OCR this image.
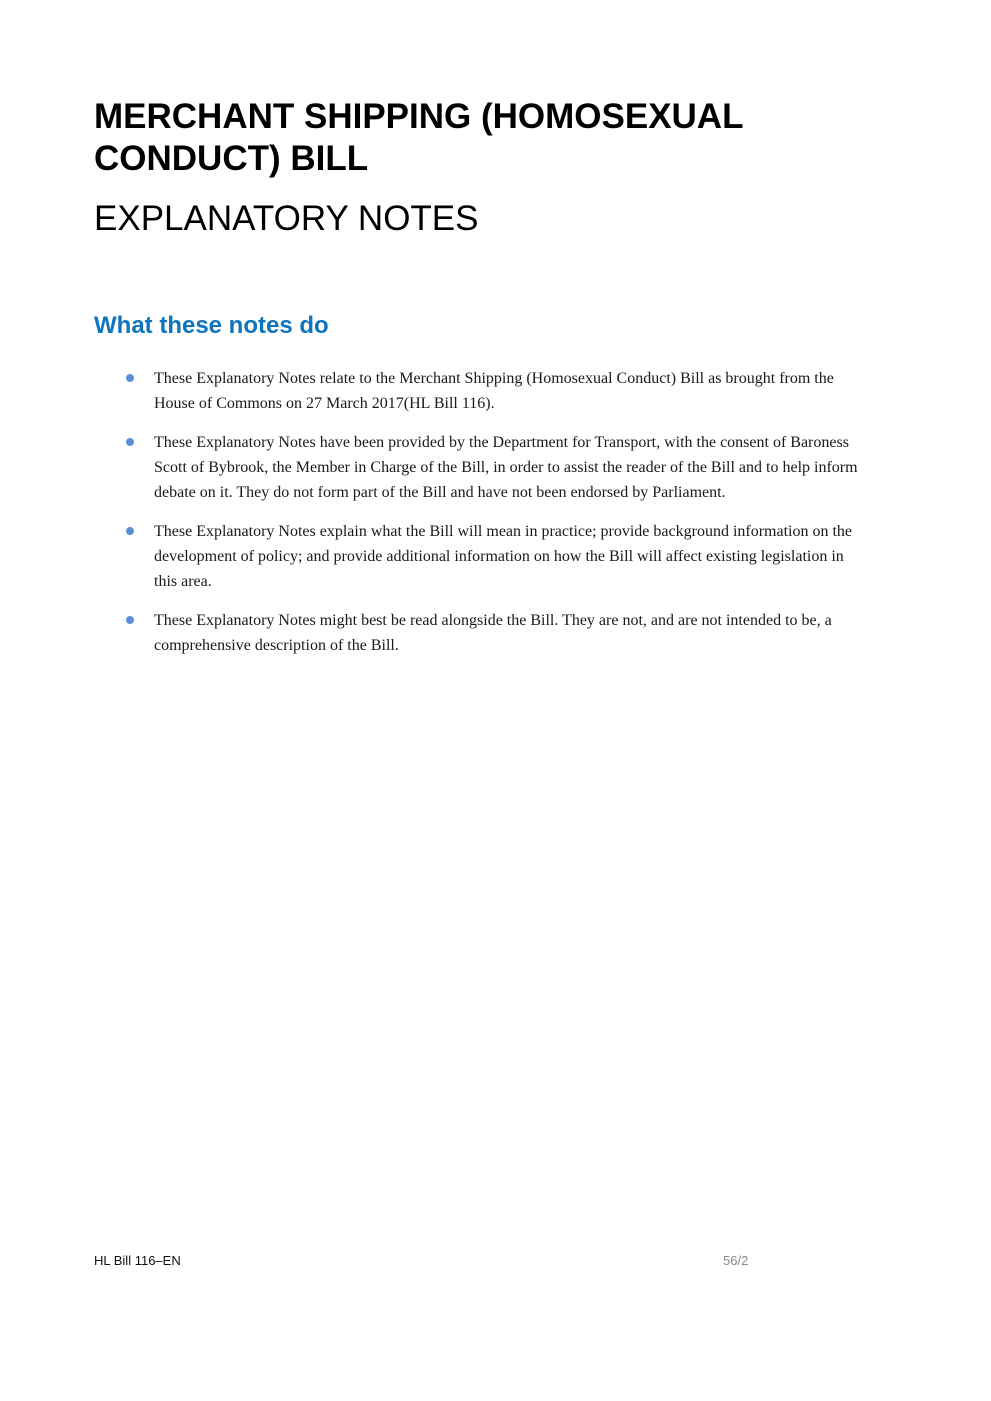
MERCHANT SHIPPING (HOMOSEXUAL CONDUCT) BILL
EXPLANATORY NOTES
What these notes do
These Explanatory Notes relate to the Merchant Shipping (Homosexual Conduct) Bill as brought from the House of Commons on 27 March 2017(HL Bill 116).
These Explanatory Notes have been provided by the Department for Transport, with the consent of Baroness Scott of Bybrook, the Member in Charge of the Bill, in order to assist the reader of the Bill and to help inform debate on it. They do not form part of the Bill and have not been endorsed by Parliament.
These Explanatory Notes explain what the Bill will mean in practice; provide background information on the development of policy; and provide additional information on how the Bill will affect existing legislation in this area.
These Explanatory Notes might best be read alongside the Bill. They are not, and are not intended to be, a comprehensive description of the Bill.
HL Bill 116–EN	56/2
